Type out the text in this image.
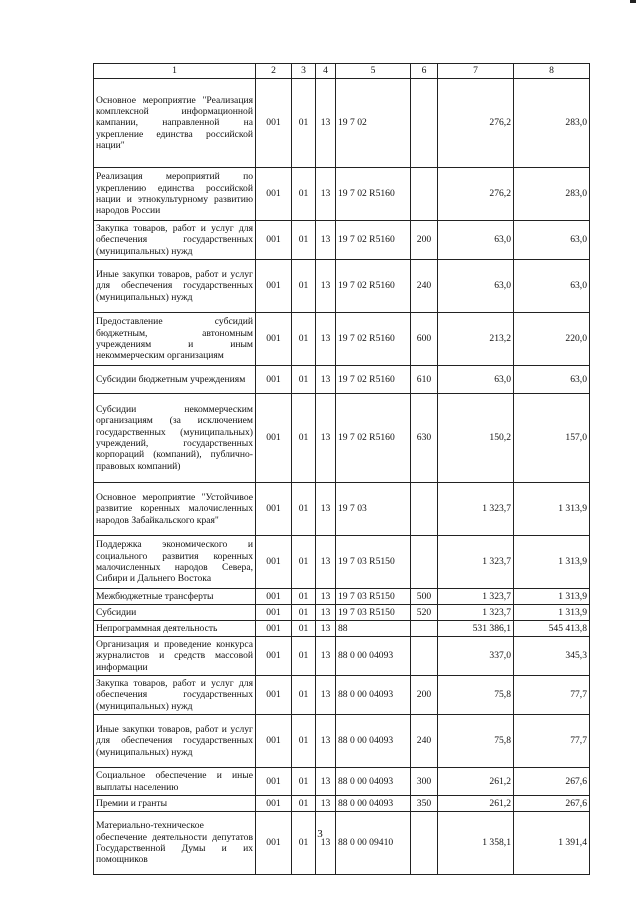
1	2	3	4	5	6	7	8
Основное мероприятие "Реализация комплексной информационной кампании, направленной на укрепление единства российской нации"	001	01	13	19 7 02		276,2	283,0
Реализация мероприятий по укреплению единства российской нации и этнокультурному развитию народов России	001	01	13	19 7 02 R5160		276,2	283,0
Закупка товаров, работ и услуг для обеспечения государственных (муниципальных) нужд	001	01	13	19 7 02 R5160	200	63,0	63,0
Иные закупки товаров, работ и услуг для обеспечения государственных (муниципальных) нужд	001	01	13	19 7 02 R5160	240	63,0	63,0
Предоставление субсидий бюджетным, автономным учреждениям и иным некоммерческим организациям	001	01	13	19 7 02 R5160	600	213,2	220,0
Субсидии бюджетным учреждениям	001	01	13	19 7 02 R5160	610	63,0	63,0
Субсидии некоммерческим организациям (за исключением государственных (муниципальных) учреждений, государственных корпораций (компаний), публично-правовых компаний)	001	01	13	19 7 02 R5160	630	150,2	157,0
Основное мероприятие "Устойчивое развитие коренных малочисленных народов Забайкальского края"	001	01	13	19 7 03		1 323,7	1 313,9
Поддержка экономического и социального развития коренных малочисленных народов Севера, Сибири и Дальнего Востока	001	01	13	19 7 03 R5150		1 323,7	1 313,9
Межбюджетные трансферты	001	01	13	19 7 03 R5150	500	1 323,7	1 313,9
Субсидии	001	01	13	19 7 03 R5150	520	1 323,7	1 313,9
Непрограммная деятельность	001	01	13	88		531 386,1	545 413,8
Организация и проведение конкурса журналистов и средств массовой информации	001	01	13	88 0 00 04093		337,0	345,3
Закупка товаров, работ и услуг для обеспечения государственных (муниципальных) нужд	001	01	13	88 0 00 04093	200	75,8	77,7
Иные закупки товаров, работ и услуг для обеспечения государственных (муниципальных) нужд	001	01	13	88 0 00 04093	240	75,8	77,7
Социальное обеспечение и иные выплаты населению	001	01	13	88 0 00 04093	300	261,2	267,6
Премии и гранты	001	01	13	88 0 00 04093	350	261,2	267,6
Материально-техническое обеспечение деятельности депутатов Государственной Думы и их помощников	001	01	13	88 0 00 09410		1 358,1	1 391,4
3
